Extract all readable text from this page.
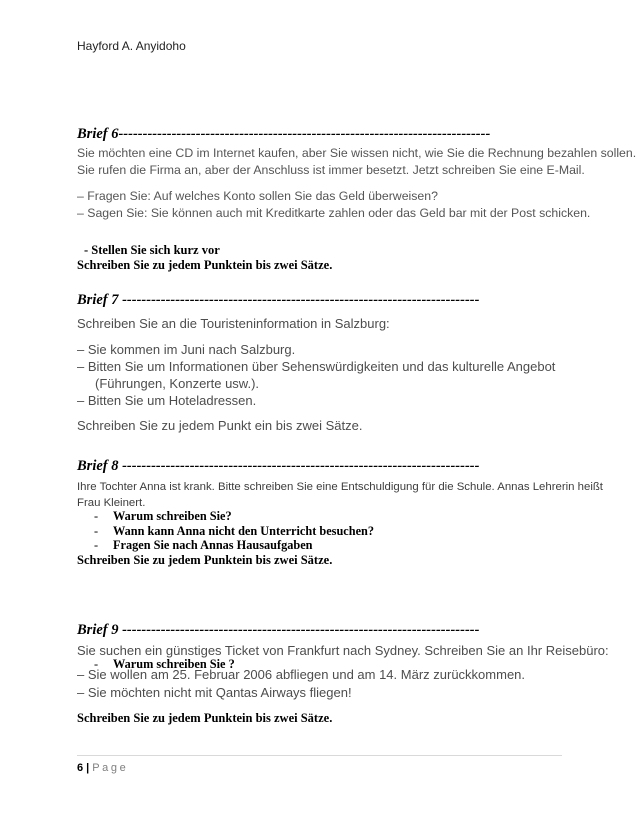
Hayford A. Anyidoho
Brief 6-----------------------------------------------------------------------------
Sie möchten eine CD im Internet kaufen, aber Sie wissen nicht, wie Sie die Rechnung bezahlen sollen.
Sie rufen die Firma an, aber der Anschluss ist immer besetzt. Jetzt schreiben Sie eine E-Mail.
– Fragen Sie: Auf welches Konto sollen Sie das Geld überweisen?
– Sagen Sie: Sie können auch mit Kreditkarte zahlen oder das Geld bar mit der Post schicken.
- Stellen Sie sich kurz vor
Schreiben Sie zu jedem Punktein bis zwei Sätze.
Brief 7 --------------------------------------------------------------------------
Schreiben Sie an die Touristeninformation in Salzburg:
– Sie kommen im Juni nach Salzburg.
– Bitten Sie um Informationen über Sehenswürdigkeiten und das kulturelle Angebot
(Führungen, Konzerte usw.).
– Bitten Sie um Hoteladressen.
Schreiben Sie zu jedem Punkt ein bis zwei Sätze.
Brief 8 --------------------------------------------------------------------------
Ihre Tochter Anna ist krank. Bitte schreiben Sie eine Entschuldigung für die Schule. Annas Lehrerin heißt
Frau Kleinert.
- Warum schreiben Sie?
- Wann kann Anna nicht den Unterricht besuchen?
- Fragen Sie nach Annas Hausaufgaben
Schreiben Sie zu jedem Punktein bis zwei Sätze.
Brief 9 --------------------------------------------------------------------------
Sie suchen ein günstiges Ticket von Frankfurt nach Sydney. Schreiben Sie an Ihr Reisebüro:
– Sie wollen am 25. Februar 2006 abfliegen und am 14. März zurückkommen.
– Sie möchten nicht mit Qantas Airways fliegen!
- Warum schreiben Sie ?
Schreiben Sie zu jedem Punktein bis zwei Sätze.
6 | Page
